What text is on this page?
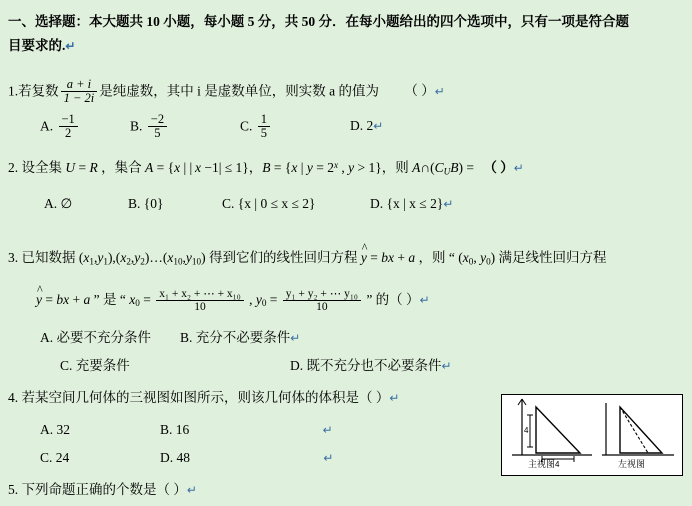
一、选择题：本大题共 10 小题，每小题 5 分，共 50 分．在每小题给出的四个选项中，只有一项是符合题
目要求的.↵
1.若复数 $\frac{a + i}{1 - 2i}$ 是纯虚数，其中 i 是虚数单位，则实数 a 的值为 （ ）↵
A. $\frac{-1}{2}$	B. $\frac{-2}{5}$	C. $\frac{1}{5}$	D. 2↵
2. 设全集 U = R ，集合 A = {x | | x −1| ≤ 1}，B = {x | $y = 2^x$ , y > 1}，则 $A\cap(C_UB)$ = （ ）↵
A. ∅	B. {0}	C. {x | 0 ≤ x ≤ 2}	D. {x | x ≤ 2}↵
3. 已知数据 $(x_1,y_1),(x_2,y_2)\dots(x_{10},y_{10})$ 得到它们的线性回归方程 y ^ = bx + a ，则 “ ($x_0$, $y_0$) 满足线性回归方程
y ^ = bx + a ” 是 “ $x_0 = \frac{\text{x₁ + x₂ + ⋯ + x₁₀}}{10}$ , $y_0 = \frac{\text{y₁ + y₂ + ⋯ y₁₀}}{10}$ ” 的（ ）↵
A. 必要不充分条件 B. 充分不必要条件↵
C. 充要条件	D. 既不充分也不必要条件↵
4. 若某空间几何体的三视图如图所示，则该几何体的体积是（ ）↵
A. 32	B. 16	↵
C. 24	D. 48	↵
5. 下列命题正确的个数是（ ）↵
4
4
主视图	左视图
